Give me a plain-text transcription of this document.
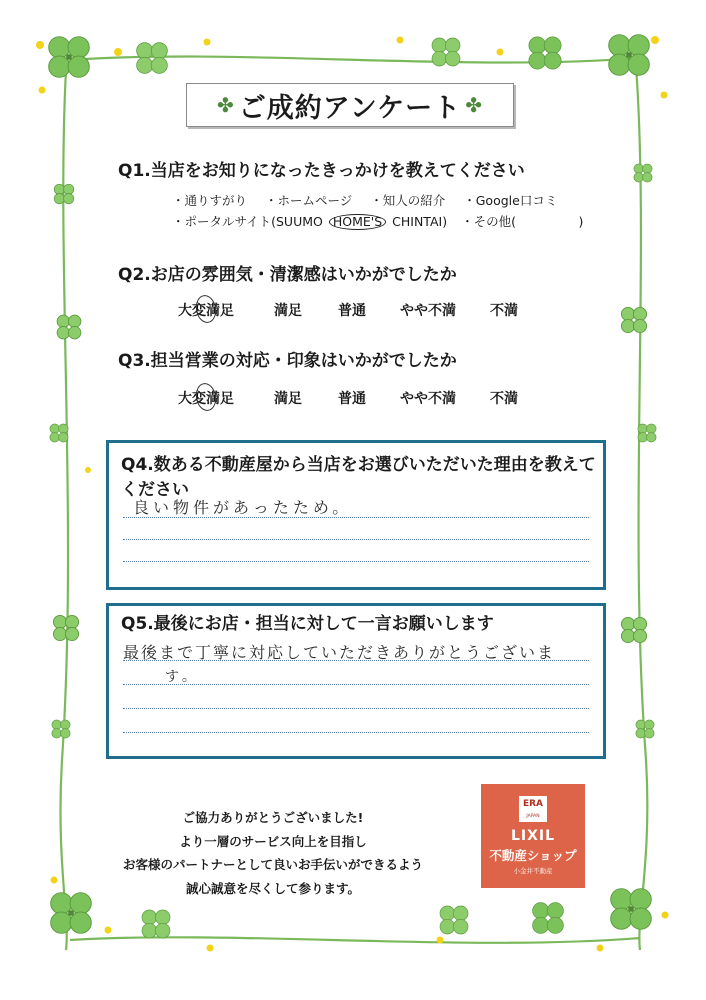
✤ ご成約アンケート ✤
Q1.当店をお知りになったきっかけを教えてください
・通りすがり ・ホームページ ・知人の紹介 ・Google口コミ
・ポータルサイト(SUUMO HOME'S CHINTAI) ・その他(　　　　　)
Q2.お店の雰囲気・清潔感はいかがでしたか
大変満足	満足	普通 やや不満 不満
Q3.担当営業の対応・印象はいかがでしたか
大変満足	満足	普通 やや不満 不満
Q4.数ある不動産屋から当店をお選びいただいた理由を教えて
ください
良い物件があったため。
Q5.最後にお店・担当に対して一言お願いします
最後まで丁寧に対応していただきありがとうございま
す。
ご協力ありがとうございました!
より一層のサービス向上を目指し
お客様のパートナーとして良いお手伝いができるよう
誠心誠意を尽くして参ります。
ERA
JAPAN
LIXIL
不動産ショップ
小金井不動産
